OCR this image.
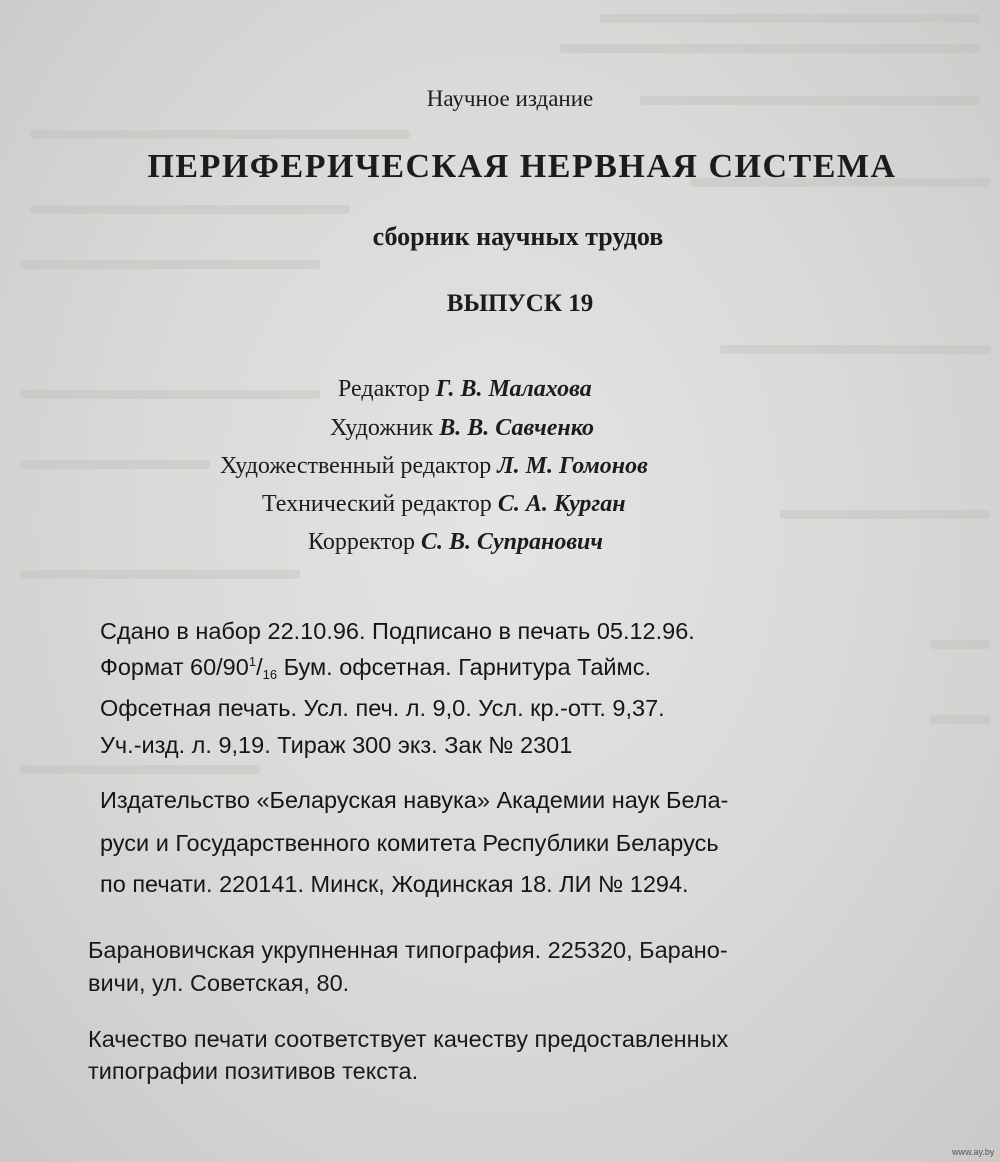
Научное издание
ПЕРИФЕРИЧЕСКАЯ НЕРВНАЯ СИСТЕМА
сборник научных трудов
ВЫПУСК 19
Редактор Г. В. Малахова
Художник В. В. Савченко
Художественный редактор Л. М. Гомонов
Технический редактор С. А. Курган
Корректор С. В. Супранович
Сдано в набор 22.10.96. Подписано в печать 05.12.96.
Формат $60/90^1/_{16}$ Бум. офсетная. Гарнитура Таймс.
Офсетная печать. Усл. печ. л. 9,0. Усл. кр.-отт. 9,37.
Уч.-изд. л. 9,19. Тираж 300 экз. Зак № 2301
Издательство «Беларуская навука» Академии наук Бела-
руси и Государственного комитета Республики Беларусь
по печати. 220141. Минск, Жодинская 18. ЛИ № 1294.
Барановичская укрупненная типография. 225320, Барано-
вичи, ул. Советская, 80.
Качество печати соответствует качеству предоставленных
типографии позитивов текста.
www.ay.by
